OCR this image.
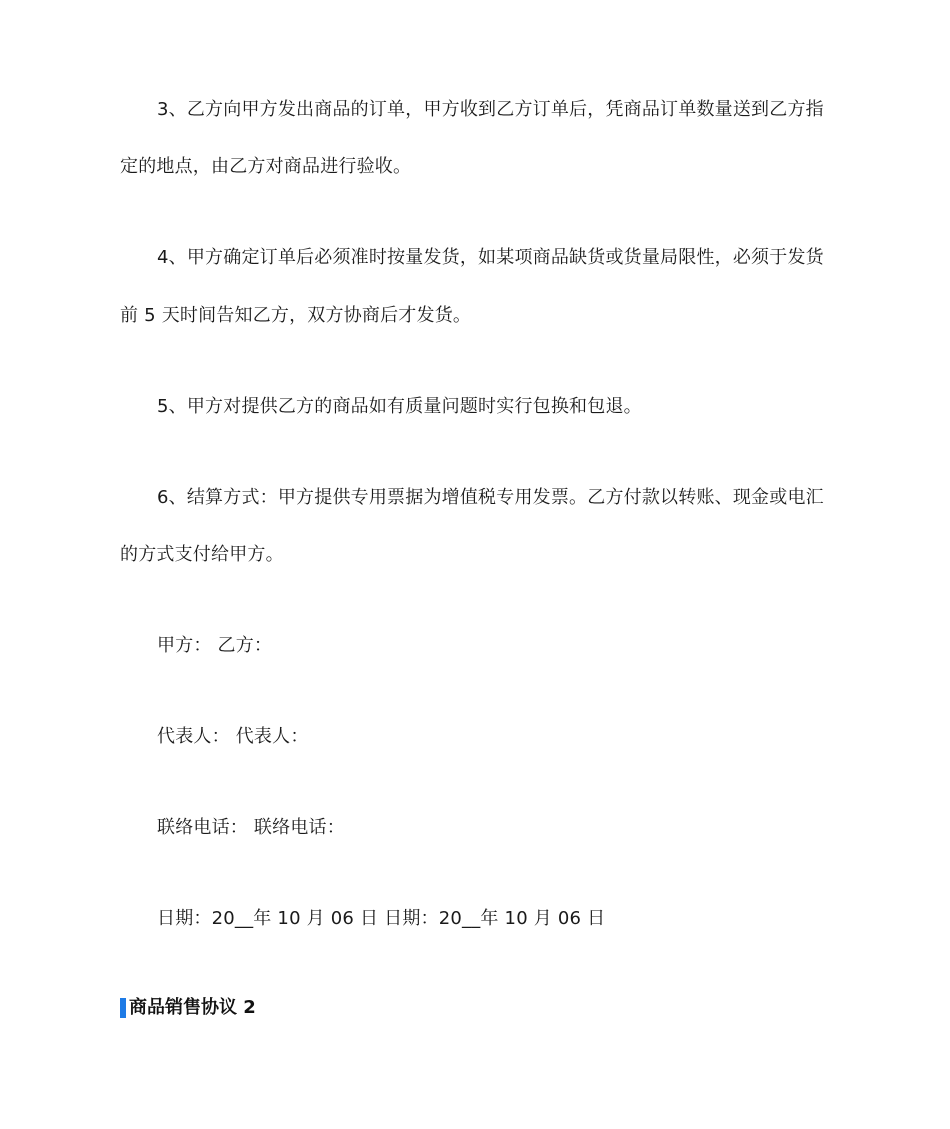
3、乙方向甲方发出商品的订单，甲方收到乙方订单后，凭商品订单数量送到乙方指
定的地点，由乙方对商品进行验收。
4、甲方确定订单后必须准时按量发货，如某项商品缺货或货量局限性，必须于发货
前 5 天时间告知乙方，双方协商后才发货。
5、甲方对提供乙方的商品如有质量问题时实行包换和包退。
6、结算方式：甲方提供专用票据为增值税专用发票。乙方付款以转账、现金或电汇
的方式支付给甲方。
甲方： 乙方：
代表人： 代表人：
联络电话： 联络电话：
日期：20__年 10 月 06 日 日期：20__年 10 月 06 日
商品销售协议 2
